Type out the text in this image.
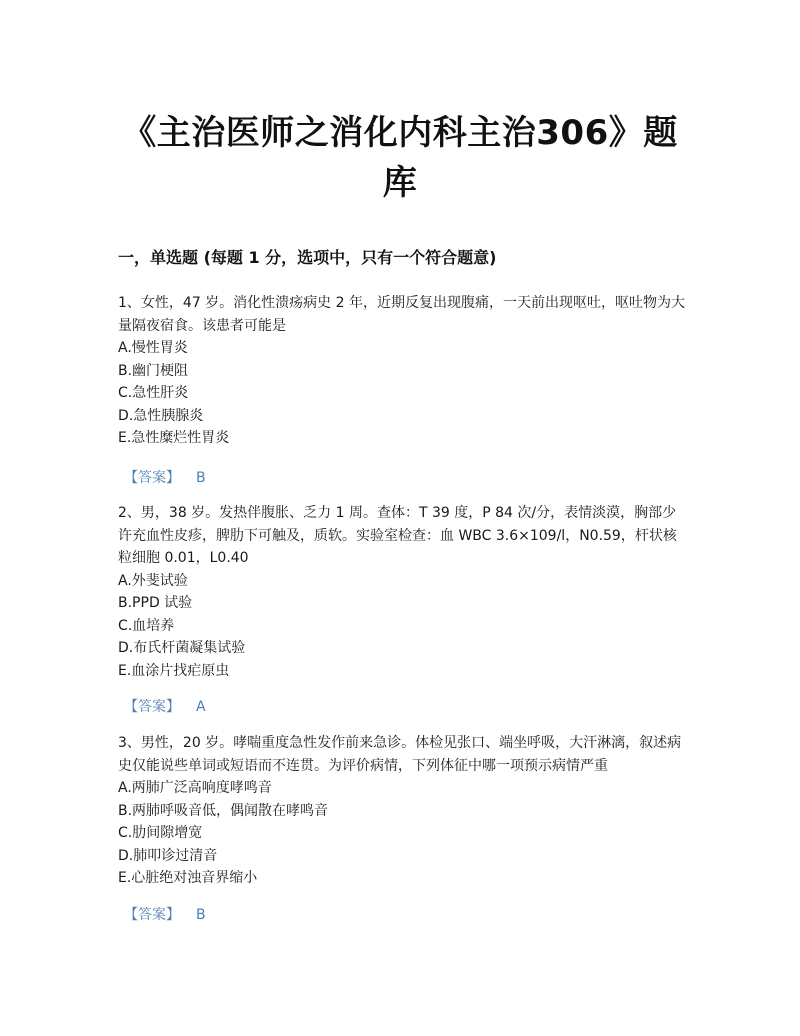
《主治医师之消化内科主治306》题库
一，单选题 (每题 1 分，选项中，只有一个符合题意)

1、女性，47 岁。消化性溃疡病史 2 年，近期反复出现腹痛，一天前出现呕吐，呕吐物为大量隔夜宿食。该患者可能是

A.慢性胃炎

B.幽门梗阻

C.急性肝炎

D.急性胰腺炎

E.急性糜烂性胃炎

【答案】 B

2、男，38 岁。发热伴腹胀、乏力 1 周。查体：T 39 度，P 84 次/分，表情淡漠，胸部少许充血性皮疹，脾肋下可触及，质软。实验室检查：血 WBC 3.6×109/l，N0.59，杆状核粒细胞 0.01，L0.40

A.外斐试验

B.PPD 试验

C.血培养

D.布氏杆菌凝集试验

E.血涂片找疟原虫

【答案】 A

3、男性，20 岁。哮喘重度急性发作前来急诊。体检见张口、端坐呼吸，大汗淋漓，叙述病史仅能说些单词或短语而不连贯。为评价病情，下列体征中哪一项预示病情严重

A.两肺广泛高响度哮鸣音

B.两肺呼吸音低，偶闻散在哮鸣音

C.肋间隙增宽

D.肺叩诊过清音

E.心脏绝对浊音界缩小

【答案】 B
